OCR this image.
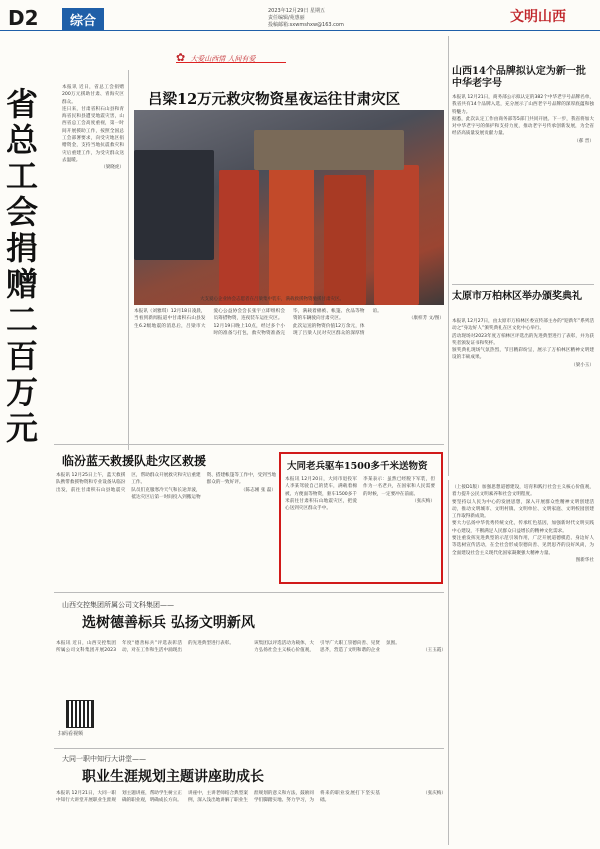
D2	综合
2023年12月29日 星期五
责任编辑/苑惠丽
投稿邮箱:sxwmshxw@163.com	文明山西
✿ 大爱山西情 人间有爱
省总工会捐赠二百万元

本报讯 近日，省总工会捐赠200万元援助甘肃、青海灾区群众。

连日来，甘肃省积石山县和青海省民和县遭受地震灾害，山西省总工会高度重视，第一时间开展援助工作，按照全国总工会部署要求，向受灾地区捐赠资金，支持当地抗震救灾和灾后重建工作，为受灾群众送去温暖。

（梁晓虎）

吕梁12万元救灾物资星夜运往甘肃灾区
大支爱心企业协会志愿者在吕梁集中装车，满载救援物资驰援甘肃灾区。

本报讯（刘雅琪）12月18日凌晨，当看到新闻报道中甘肃积石山县发生6.2级地震的消息后，吕梁市大爱心公益协会会长张宇立即组织会员筹措物资，连夜装车运往灾区。

12月19日晚上10点，经过多个小时的准备与打包，救灾物资准备完毕，满载着棉被、帐篷、食品等物资的车辆驶向甘肃灾区。

此次运送的物资价值12万余元，体现了吕梁人民对灾区群众的深厚情谊。

（康梓芳 文/图）

山西14个品牌拟认定为新一批中华老字号

本报讯 12月21日，商务部公示拟认定的382个中华老字号品牌名单，我省共有14个品牌入选，充分展示了山西老字号品牌的深厚底蕴和独特魅力。

据悉，此次认定工作由商务部等5部门共同开展。下一步，我省将加大对中华老字号的保护和支持力度，推动老字号传承创新发展，为全省经济高质量发展贡献力量。

（郝 晋）

太原市万柏林区举办颁奖典礼

本报讯 12月27日，由太原市万柏林区委宣传部主办的“迎新年”系列活动之“身边好人”颁奖典礼在区文化中心举行。

活动现场对2023年度万柏林区评选出的先进典型进行了表彰，并为获奖者颁发证书和奖杯。

颁奖典礼现场气氛热烈，节目精彩纷呈，展示了万柏林区精神文明建设的丰硕成果。

（梁小玉）

临汾蓝天救援队赴灾区救援

本报讯 12月25日上午，蓝天救援队携带救援物资和专业设备从临汾出发，前往甘肃积石山县地震灾区，帮助群众开展救灾和灾后重建工作。

队员们克服寒冷天气和长途奔波，抵达灾区后第一时间投入到搬运物资、搭建帐篷等工作中，受到当地群众的一致好评。

（陈志刚 张 磊）

大同老兵驱车1500多千米送物资

本报讯 12月20日，大同市退役军人李某驾驶自己的货车，满载着棉被、方便面等物资，驱车1500多千米前往甘肃积石山地震灾区，把爱心送到灾区群众手中。

李某表示：虽然已经脱下军装，但作为一名老兵，在国家和人民需要的时候，一定要冲在前面。

（张庆梅）

山西交控集团所属公司文科集团——
选树德善标兵 弘扬文明新风

本报讯 近日，山西交控集团所属公司文科集团开展2023年度“德善标兵”评选表彰活动，对在工作和生活中涌现出的先进典型进行表彰。	该集团以评选活动为载体，大力弘扬社会主义核心价值观，引导广大职工崇德向善、见贤思齐，营造了文明和谐的企业氛围。

（王玉霞）

扫码看视频
大同一职中知行大讲堂——
职业生涯规划主题讲座助成长

本报讯 12月21日，大同一职中知行大讲堂开展职业生涯规划主题讲座，帮助学生树立正确的职业观，明确成长方向。

讲座中，主讲老师结合典型案例，深入浅出地讲解了职业生涯规划的意义和方法，鼓励同学们脚踏实地、努力学习，为将来的职业发展打下坚实基础。

（张庆梅）

（上接D1版）加强思想道德建设，培育和践行社会主义核心价值观，着力提升公民文明素养和社会文明程度。

要坚持以人民为中心的发展思想，深入开展群众性精神文明创建活动，推动文明城市、文明村镇、文明单位、文明家庭、文明校园创建工作取得新成效。

要大力弘扬中华优秀传统文化，传承红色基因，加强新时代文明实践中心建设，不断满足人民群众日益增长的精神文化需求。

要注重发挥先进典型的示范引领作用，广泛开展道德模范、身边好人等选树宣传活动，在全社会形成崇德向善、见贤思齐的良好风尚，为全面建设社会主义现代化国家凝聚强大精神力量。

图新华社
